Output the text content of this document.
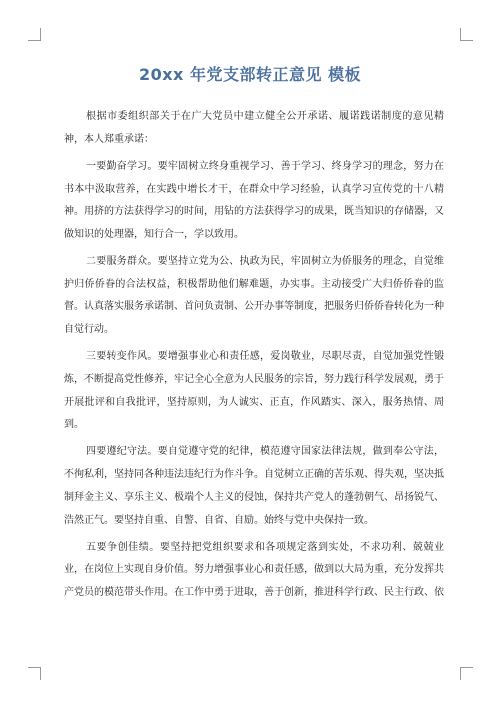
20xx 年党支部转正意见 模板

根据市委组织部关于在广大党员中建立健全公开承诺、履诺践诺制度的意见精神，本人郑重承诺：

一要勤奋学习。要牢固树立终身重视学习、善于学习、终身学习的理念，努力在书本中汲取营养，在实践中增长才干，在群众中学习经验，认真学习宣传党的十八精神。用挤的方法获得学习的时间，用钻的方法获得学习的成果，既当知识的存储器，又做知识的处理器，知行合一，学以致用。

二要服务群众。要坚持立党为公、执政为民，牢固树立为侨服务的理念，自觉维护归侨侨眷的合法权益，积极帮助他们解难题，办实事。主动接受广大归侨侨眷的监督。认真落实服务承诺制、首问负责制、公开办事等制度，把服务归侨侨眷转化为一种自觉行动。

三要转变作风。要增强事业心和责任感，爱岗敬业，尽职尽责，自觉加强党性锻炼，不断提高党性修养，牢记全心全意为人民服务的宗旨，努力践行科学发展观，勇于开展批评和自我批评，坚持原则，为人诚实、正直，作风踏实、深入，服务热情、周到。

四要遵纪守法。要自觉遵守党的纪律，模范遵守国家法律法规，做到奉公守法，不徇私利，坚持同各种违法违纪行为作斗争。自觉树立正确的苦乐观、得失观，坚决抵制拜金主义、享乐主义、极端个人主义的侵蚀，保持共产党人的蓬勃朝气、昂扬锐气、浩然正气。要坚持自重、自警、自省、自励。始终与党中央保持一致。

五要争创佳绩。要坚持把党组织要求和各项规定落到实处，不求功利、兢兢业业，在岗位上实现自身价值。努力增强事业心和责任感，做到以大局为重，充分发挥共产党员的模范带头作用。在工作中勇于进取，善于创新，推进科学行政、民主行政、依
